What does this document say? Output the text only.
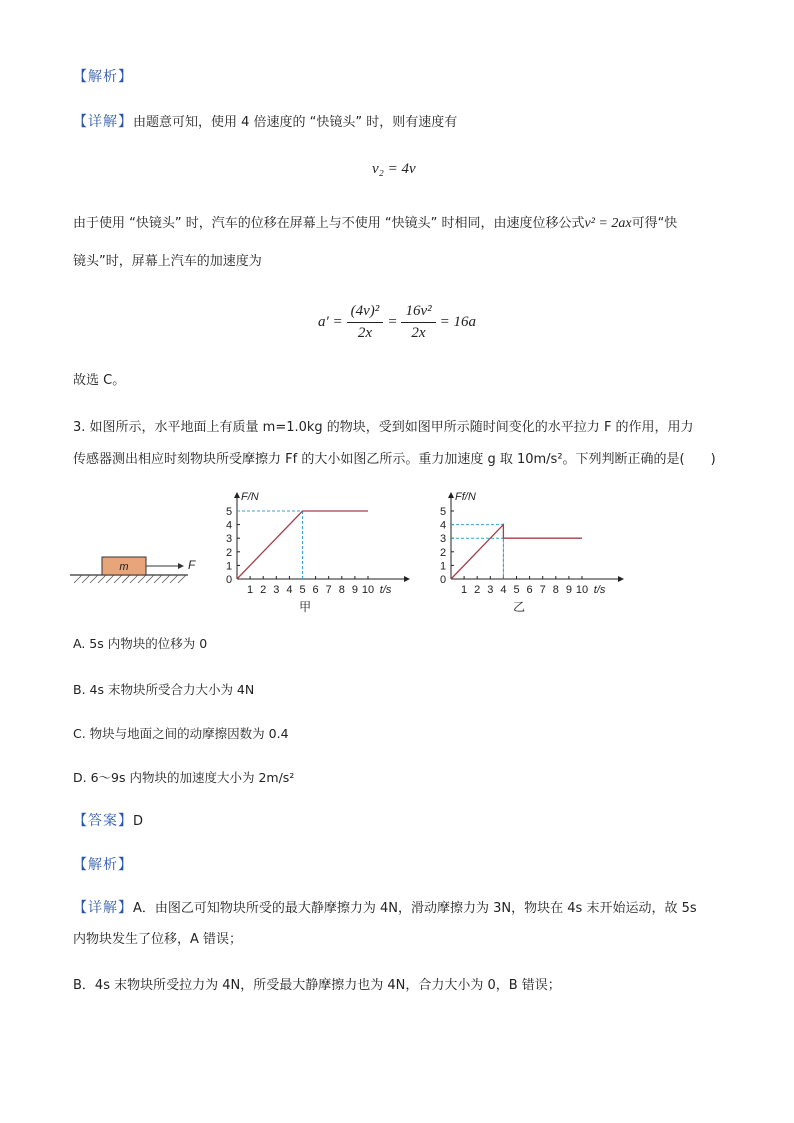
【解析】
【详解】由题意可知，使用 4 倍速度的 “快镜头” 时，则有速度有
v₂ = 4v
由于使用 “快镜头” 时，汽车的位移在屏幕上与不使用 “快镜头” 时相同，由速度位移公式v² = 2ax可得“快
镜头”时，屏幕上汽车的加速度为
$a' = \frac{\text{(4v)²}}{2x} = \frac{\text{16v²}}{2x} = 16a$
故选 C。
3. 如图所示，水平地面上有质量 m=1.0kg 的物块，受到如图甲所示随时间变化的水平拉力 F 的作用，用力
传感器测出相应时刻物块所受摩擦力 Ff 的大小如图乙所示。重力加速度 g 取 10m/s²。下列判断正确的是(　　)
m	F
0
1
2
3
4
5
1 2 3 4 5 6 7 8 9 10 t/s
F/N
甲
0
1
2
3
4
5
1 2 3 4 5 6 7 8 9 10 t/s
Ff/N
乙
A. 5s 内物块的位移为 0
B. 4s 末物块所受合力大小为 4N
C. 物块与地面之间的动摩擦因数为 0.4
D. 6～9s 内物块的加速度大小为 2m/s²
【答案】D
【解析】
【详解】A．由图乙可知物块所受的最大静摩擦力为 4N，滑动摩擦力为 3N，物块在 4s 末开始运动，故 5s
内物块发生了位移，A 错误；
B．4s 末物块所受拉力为 4N，所受最大静摩擦力也为 4N，合力大小为 0，B 错误；
